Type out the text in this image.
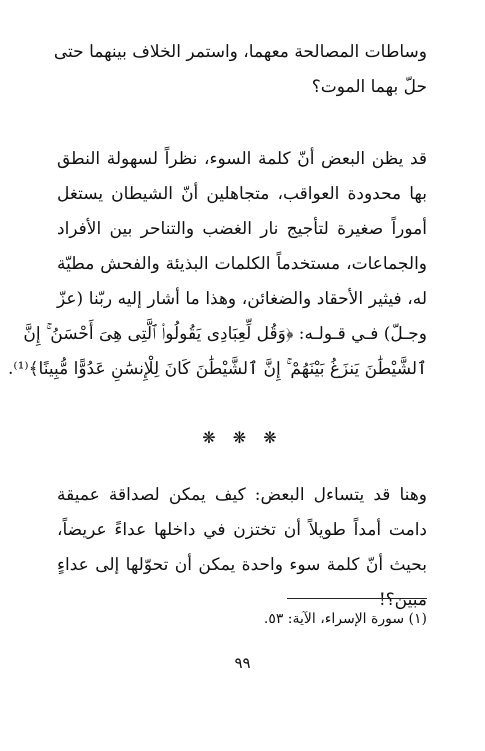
وساطات المصالحة معهما، واستمر الخلاف بينهما حتى
حلّ بهما الموت؟
قد يظن البعض أنّ كلمة السوء، نظراً لسهولة النطق
بها محدودة العواقب، متجاهلين أنّ الشيطان يستغل
أموراً صغيرة لتأجيج نار الغضب والتناحر بين الأفراد
والجماعات، مستخدماً الكلمات البذيئة والفحش مطيّة
له، فيثير الأحقاد والضغائن، وهذا ما أشار إليه ربّنا (عزّ
وجـلّ) فـي قـولـه: ﴿وَقُل لِّعِبَادِى يَقُولُوا۟ ٱلَّتِى هِىَ أَحْسَنُ ۚ إِنَّ
ٱلشَّيْطَٰنَ يَنزَغُ بَيْنَهُمْ ۚ إِنَّ ٱلشَّيْطَٰنَ كَانَ لِلْإِنسَٰنِ عَدُوًّا مُّبِينًا﴾⁽¹⁾.
❋ ❋ ❋
وهنا قد يتساءل البعض: كيف يمكن لصداقة عميقة
دامت أمداً طويلاً أن تختزن في داخلها عداءً عريضاً،
بحيث أنّ كلمة سوء واحدة يمكن أن تحوّلها إلى عداءٍ
مبين؟!
(١) سورة الإسراء، الآية: ٥٣.
٩٩
